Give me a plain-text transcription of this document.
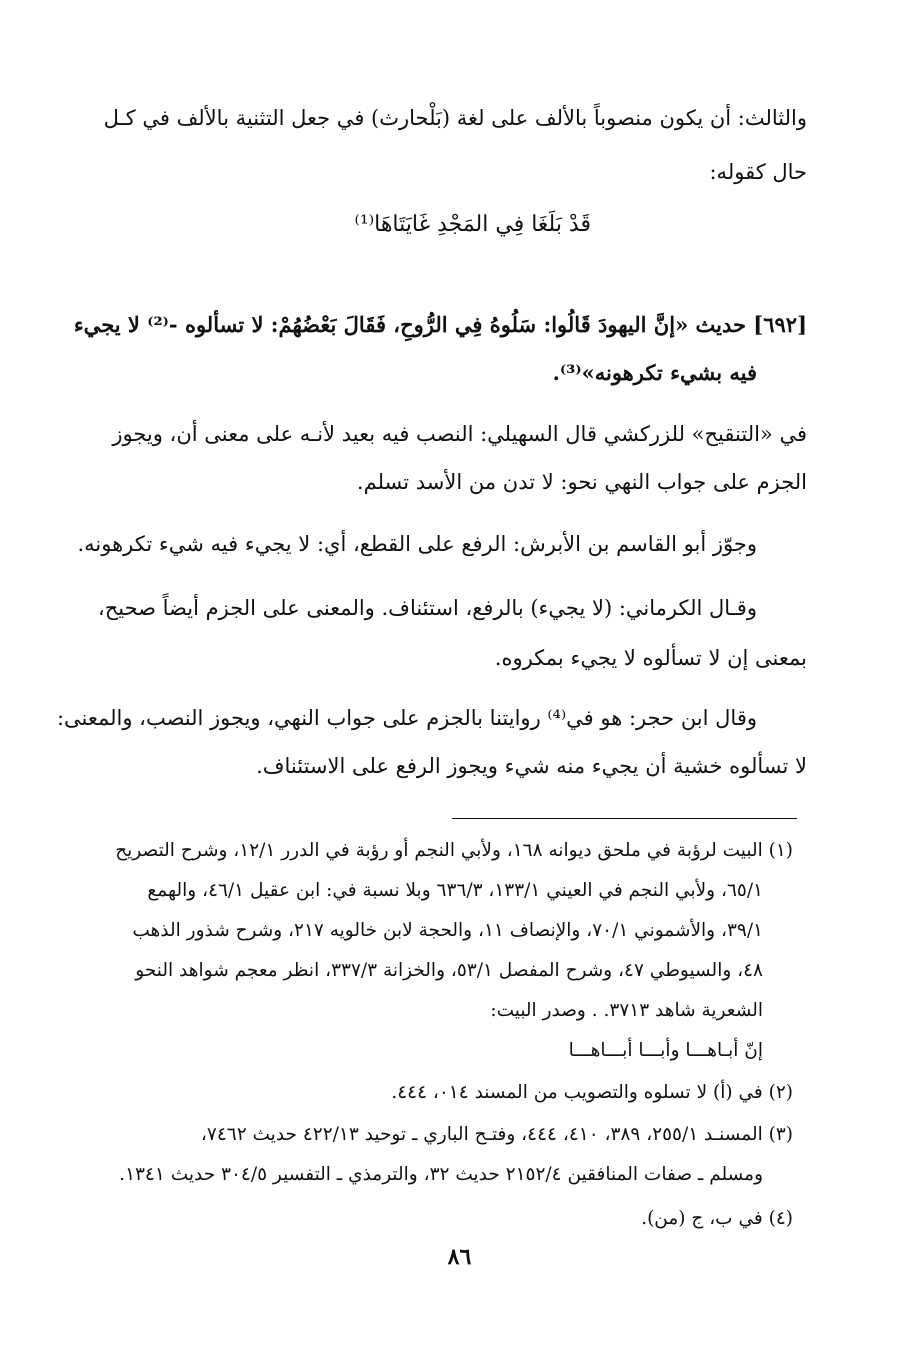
والثالث: أن يكون منصوباً بالألف على لغة (بَلْحارث) في جعل التثنية بالألف في كـل
حال كقوله:
قَدْ بَلَغَا فِي المَجْدِ غَايَتَاهَا⁽¹⁾
[٦٩٢] حديث «إنَّ اليهودَ قَالُوا: سَلُوهُ فِي الرُّوحِ، فَقَالَ بَعْضُهُمْ: لا تسألوه -⁽²⁾ لا يجيء
فيه بشيء تكرهونه»⁽³⁾.
في «التنقيح» للزركشي قال السهيلي: النصب فيه بعيد لأنـه على معنى أن، ويجوز
الجزم على جواب النهي نحو: لا تدن من الأسد تسلم.
وجوّز أبو القاسم بن الأبرش: الرفع على القطع، أي: لا يجيء فيه شيء تكرهونه.
وقـال الكرماني: (لا يجيء) بالرفع، استئناف. والمعنى على الجزم أيضاً صحيح،
بمعنى إن لا تسألوه لا يجيء بمكروه.
وقال ابن حجر: هو في⁽⁴⁾ روايتنا بالجزم على جواب النهي، ويجوز النصب، والمعنى:
لا تسألوه خشية أن يجيء منه شيء ويجوز الرفع على الاستئناف.
(١) البيت لرؤبة في ملحق ديوانه ١٦٨، ولأبي النجم أو رؤبة في الدرر ١٢/١، وشرح التصريح
٦٥/١، ولأبي النجم في العيني ١٣٣/١، ٦٣٦/٣ وبلا نسبة في: ابن عقيل ٤٦/١، والهمع
٣٩/١، والأشموني ٧٠/١، والإنصاف ١١، والحجة لابن خالويه ٢١٧، وشرح شذور الذهب
٤٨، والسيوطي ٤٧، وشرح المفصل ٥٣/١، والخزانة ٣٣٧/٣، انظر معجم شواهد النحو
الشعرية شاهد ٣٧١٣. . وصدر البيت:
إنّ أبـاهـــا وأبـــا أبـــاهـــا
(٢) في (أ) لا تسلوه والتصويب من المسند ٠١٤، ٤٤٤.
(٣) المسنـد ٢٥٥/١، ٣٨٩، ٤١٠، ٤٤٤، وفتـح الباري ـ توحيد ٤٢٢/١٣ حديث ٧٤٦٢،
ومسلم ـ صفات المنافقين ٢١٥٢/٤ حديث ٣٢، والترمذي ـ التفسير ٣٠٤/٥ حديث ١٣٤١.
(٤) في ب، ج (من).
٨٦
